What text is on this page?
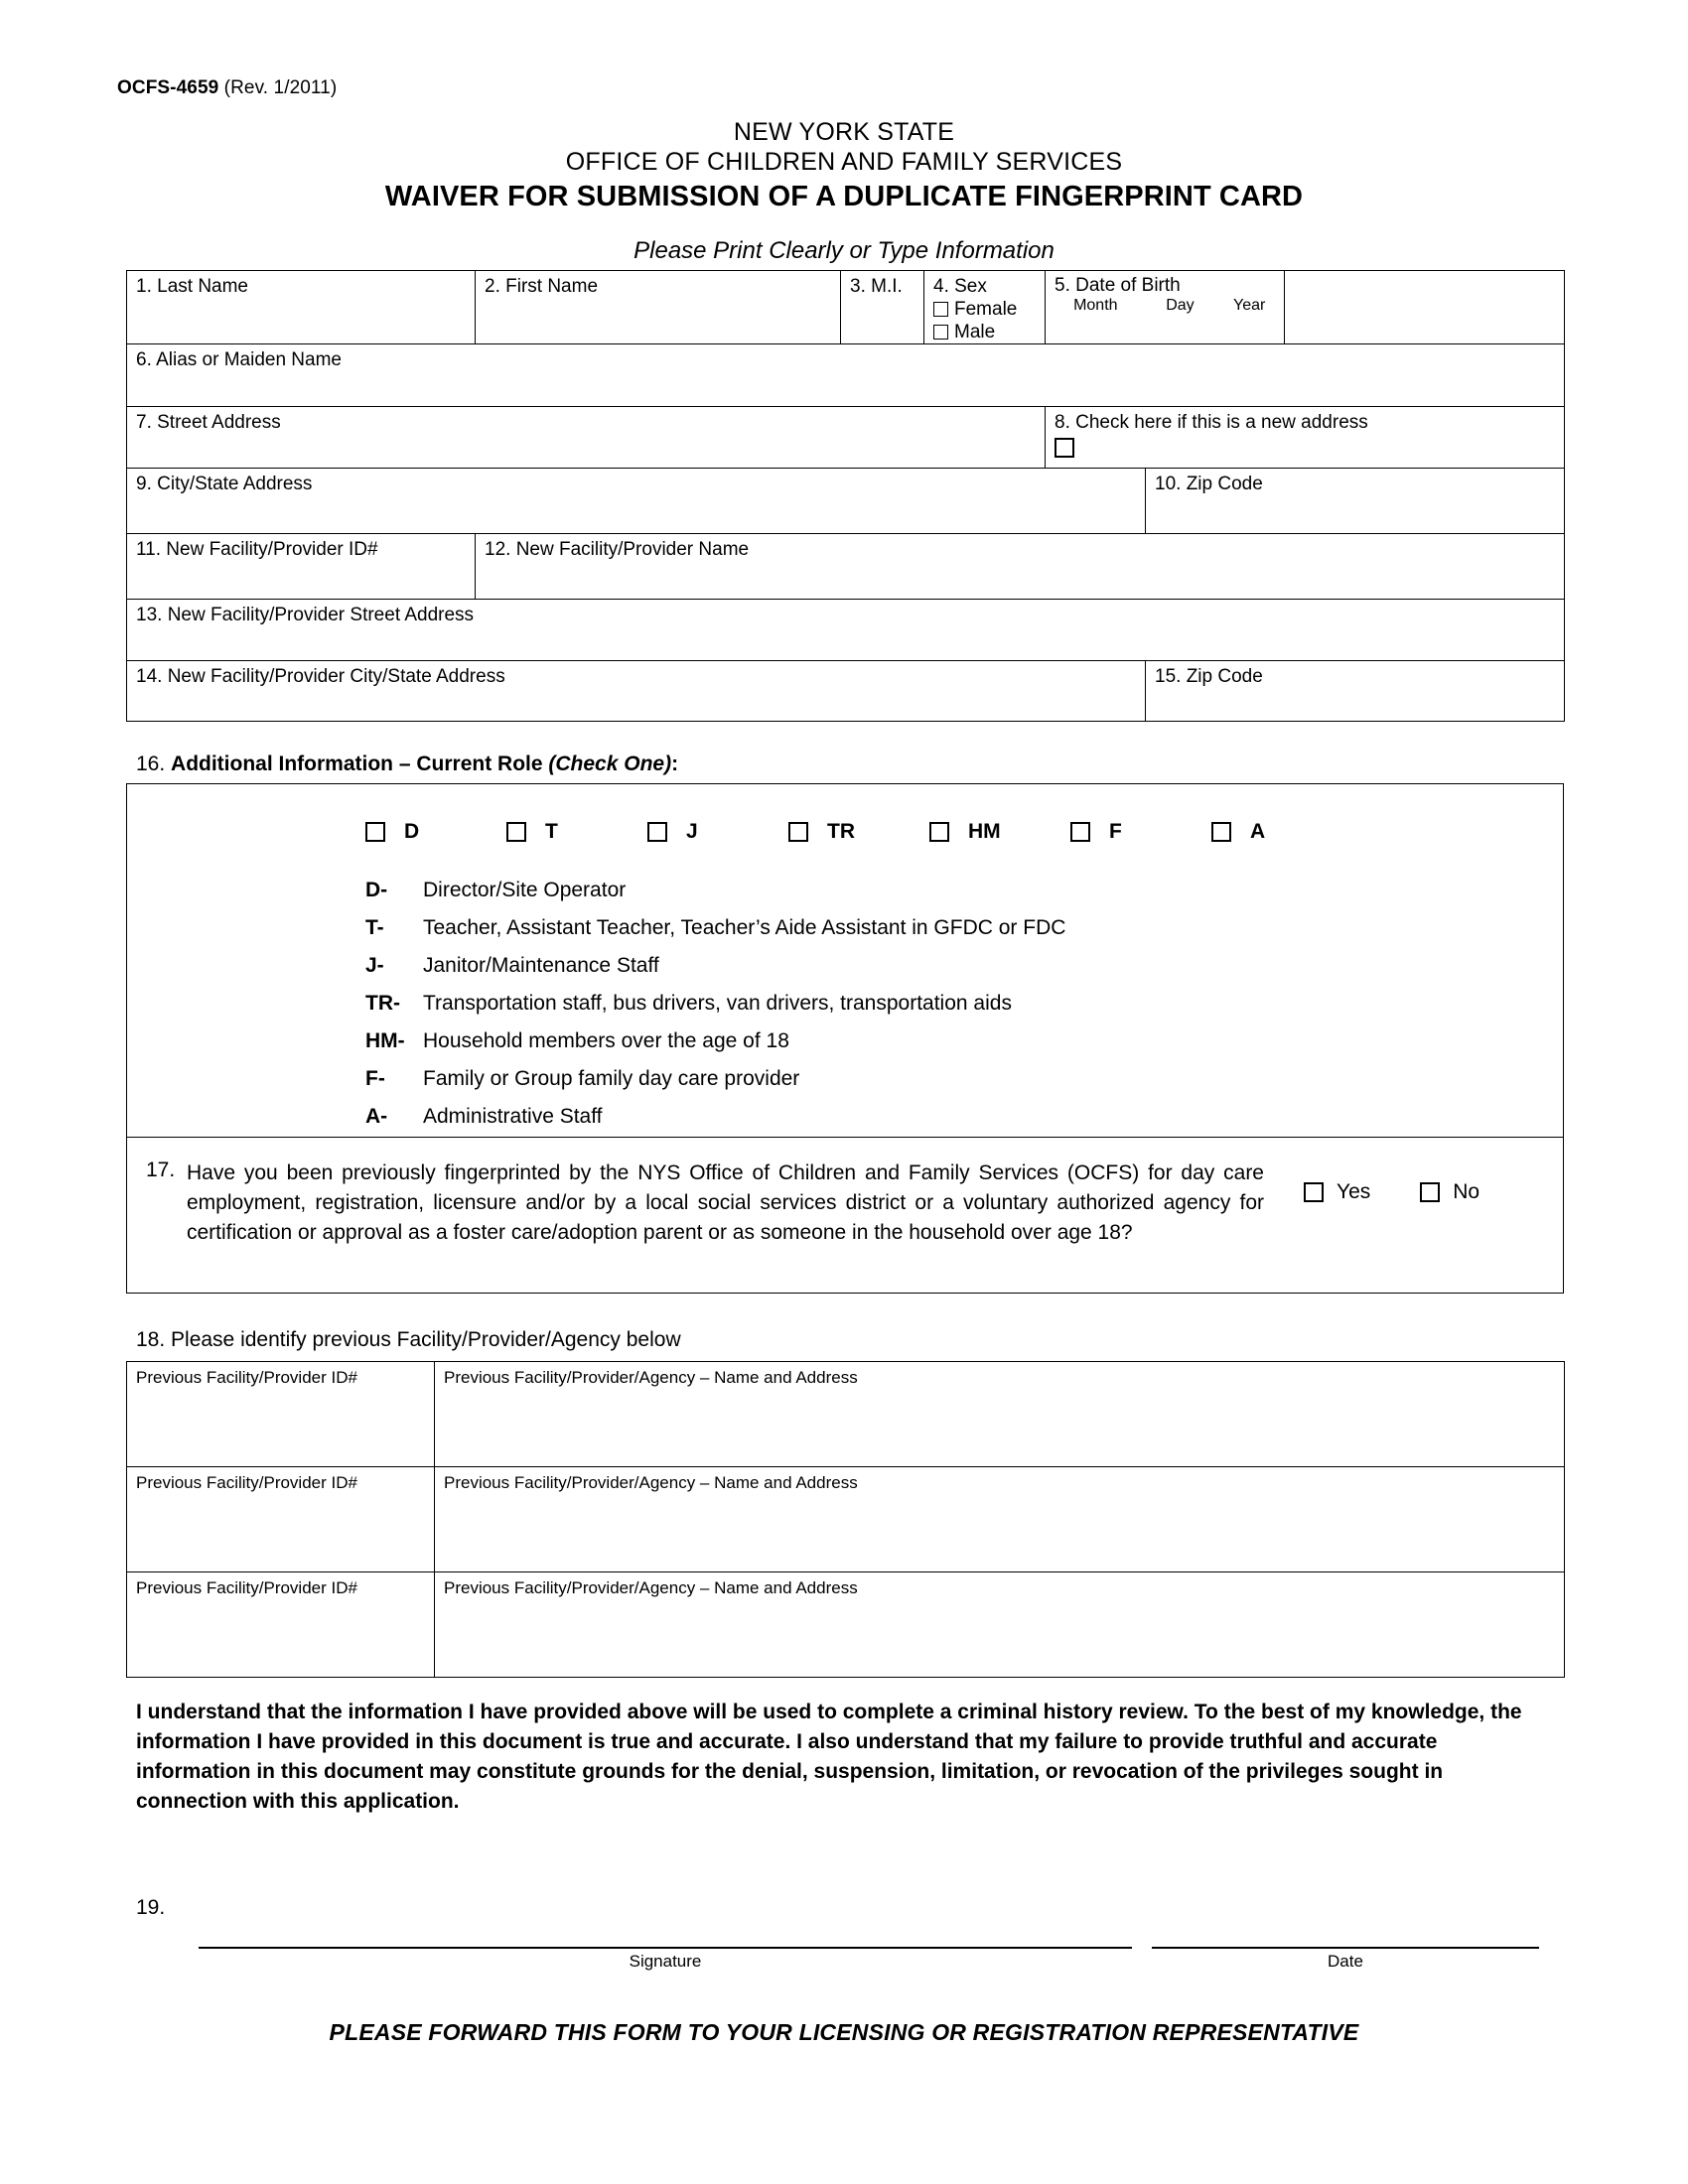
OCFS-4659 (Rev. 1/2011)
NEW YORK STATE
OFFICE OF CHILDREN AND FAMILY SERVICES
WAIVER FOR SUBMISSION OF A DUPLICATE FINGERPRINT CARD
Please Print Clearly or Type Information
1. Last Name	2. First Name	3. M.I.	4. Sex
Female
Male

5. Date of Birth
Month	Day	Year

6. Alias or Maiden Name						
7. Street Address				8. Check here if this is a new address		

9. City/State Address					10. Zip Code	
11. New Facility/Provider ID#	12. New Facility/Provider Name					
13. New Facility/Provider Street Address						
14. New Facility/Provider City/State Address					15. Zip Code	
16. Additional Information – Current Role (Check One):
D	T	J	TR	HM	F	A
D-	Director/Site Operator
T-	Teacher, Assistant Teacher, Teacher’s Aide Assistant in GFDC or FDC
J-	Janitor/Maintenance Staff
TR-	Transportation staff, bus drivers, van drivers, transportation aids
HM- Household members over the age of 18
F-	Family or Group family day care provider
A-	Administrative Staff
17. Have you been previously fingerprinted by the NYS Office of Children and Family Services (OCFS) for day care employment, registration, licensure and/or by a local social services district or a voluntary authorized agency for certification or approval as a foster care/adoption parent or as someone in the household over age 18?
Yes	No
18. Please identify previous Facility/Provider/Agency below
Previous Facility/Provider ID#	Previous Facility/Provider/Agency – Name and Address
Previous Facility/Provider ID#	Previous Facility/Provider/Agency – Name and Address
Previous Facility/Provider ID#	Previous Facility/Provider/Agency – Name and Address
I understand that the information I have provided above will be used to complete a criminal history review. To the best of my knowledge, the information I have provided in this document is true and accurate. I also understand that my failure to provide truthful and accurate information in this document may constitute grounds for the denial, suspension, limitation, or revocation of the privileges sought in connection with this application.
19.
Signature	Date
PLEASE FORWARD THIS FORM TO YOUR LICENSING OR REGISTRATION REPRESENTATIVE
